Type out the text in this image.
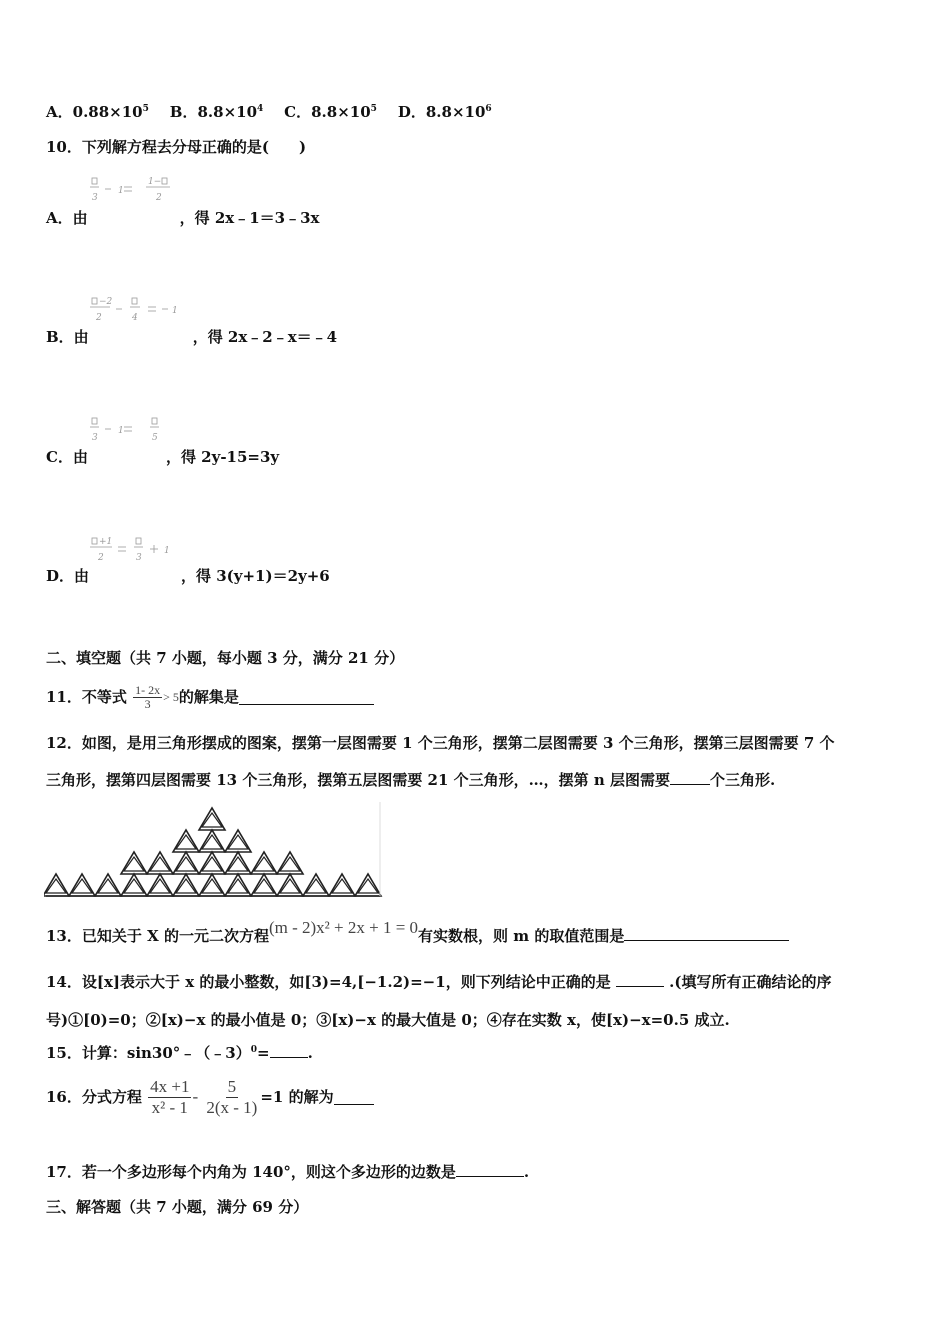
A．$0.88\times 10^5$ B．$8.8\times 10^4$ C．$8.8\times 10^5$ D．$8.8\times 10^6$
10．下列解方程去分母正确的是(　　)
3
1
1−
2
A．由	，得 2x﹣1＝3﹣3x
−2
2	4
1
B．由	，得 2x﹣2﹣x＝﹣4
3
1
5
C．由	，得 2y-15=3y
+1
2	3
1
D．由	，得 3(y+1)＝2y+6
二、填空题（共 7 小题，每小题 3 分，满分 21 分）
11．不等式 $\frac{1- 2x}{3} > 5$的解集是
12．如图，是用三角形摆成的图案，摆第一层图需要 1 个三角形，摆第二层图需要 3 个三角形，摆第三层图需要 7 个
三角形，摆第四层图需要 13 个三角形，摆第五层图需要 21 个三角形，…，摆第 n 层图需要	个三角形.
13．已知关于 X 的一元二次方程(m - 2)x² + 2x + 1 = 0有实数根，则 m 的取值范围是
14．设[x]表示大于 x 的最小整数，如[3)=4,[−1.2)=−1，则下列结论中正确的是	.(填写所有正确结论的序
号)①[0)=0；②[x)−x 的最小值是 0；③[x)−x 的最大值是 0；④存在实数 x，使[x)−x=0.5 成立.
15．计算：sin30°﹣（﹣3）$^0$=	.
16．分式方程 $\frac{4x +1}{\text{x² - 1}} - \frac{5}{2(x - 1)} =1$ 的解为
17．若一个多边形每个内角为 140°，则这个多边形的边数是	.
三、解答题（共 7 小题，满分 69 分）
